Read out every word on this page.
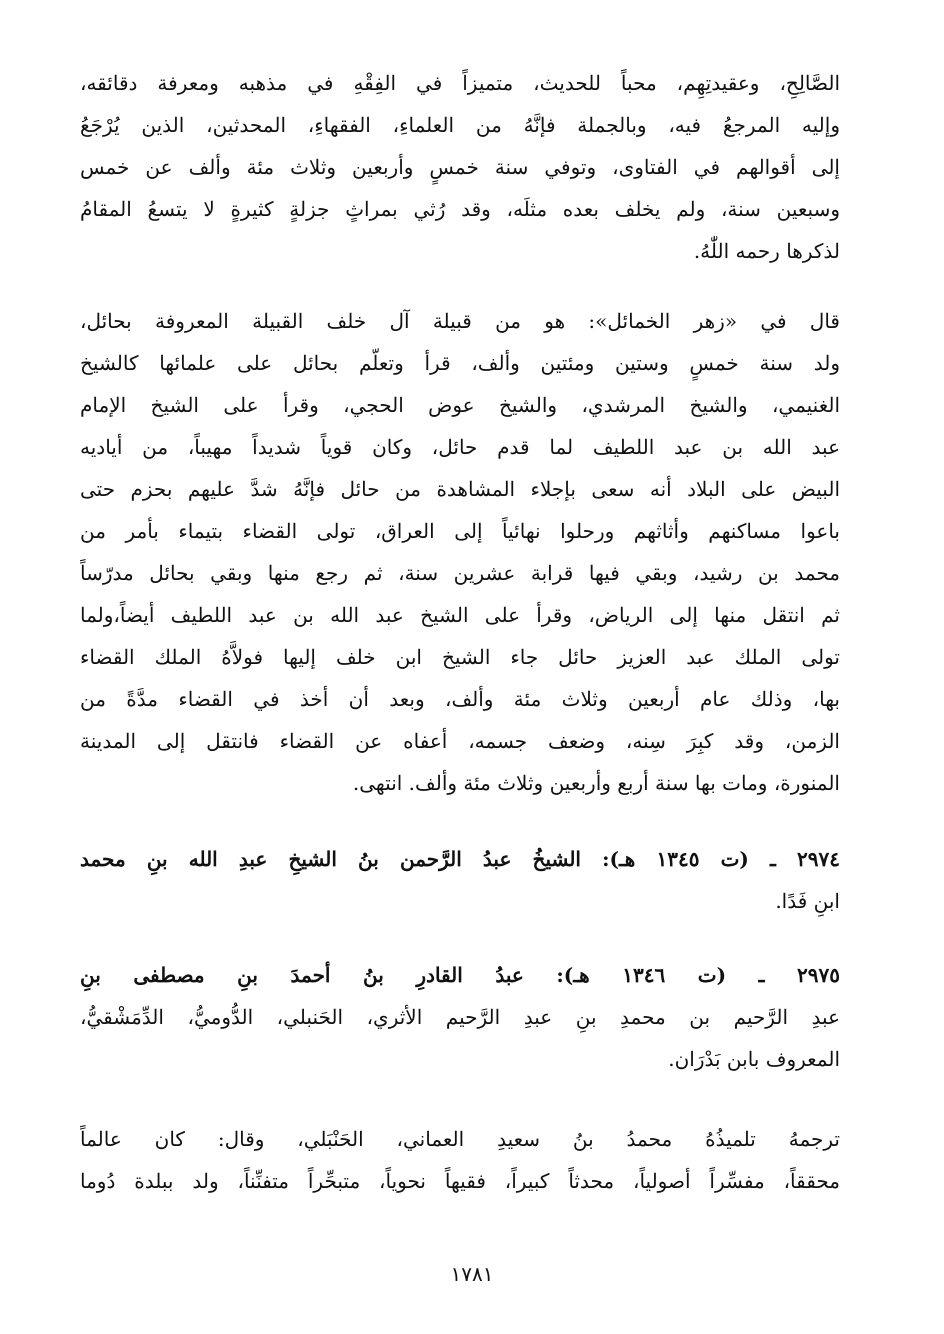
الصَّالِحِ، وعقيدتِهِم، محباً للحديث، متميزاً في الفِقْهِ في مذهبه ومعرفة دقائقه،
وإليه المرجعُ فيه، وبالجملة فإنَّهُ من العلماءِ، الفقهاءِ، المحدثين، الذين يُرْجَعُ
إلى أقوالهم في الفتاوى، وتوفي سنة خمسٍ وأربعين وثلاث مئة وألف عن خمس
وسبعين سنة، ولم يخلف بعده مثلَه، وقد رُثي بمراثٍ جزلةٍ كثيرةٍ لا يتسعُ المقامُ
لذكرها رحمه اللّٰهُ.
قال في «زهر الخمائل»: هو من قبيلة آل خلف القبيلة المعروفة بحائل،
ولد سنة خمسٍ وستين ومئتين وألف، قرأ وتعلّم بحائل على علمائها كالشيخ
الغنيمي، والشيخ المرشدي، والشيخ عوض الحجي، وقرأ على الشيخ الإمام
عبد الله بن عبد اللطيف لما قدم حائل، وكان قوياً شديداً مهيباً، من أياديه
البيض على البلاد أنه سعى بإجلاء المشاهدة من حائل فإنَّهُ شدَّ عليهم بحزم حتى
باعوا مساكنهم وأثاثهم ورحلوا نهائياً إلى العراق، تولى القضاء بتيماء بأمر من
محمد بن رشيد، وبقي فيها قرابة عشرين سنة، ثم رجع منها وبقي بحائل مدرّساً
ثم انتقل منها إلى الرياض، وقرأ على الشيخ عبد الله بن عبد اللطيف أيضاً،ولما
تولى الملك عبد العزيز حائل جاء الشيخ ابن خلف إليها فولاَّهُ الملك القضاء
بها، وذلك عام أربعين وثلاث مئة وألف، وبعد أن أخذ في القضاء مدَّةً من
الزمن، وقد كبِرَ سِنه، وضعف جسمه، أعفاه عن القضاء فانتقل إلى المدينة
المنورة، ومات بها سنة أربع وأربعين وثلاث مئة وألف. انتهى.
٢٩٧٤ ـ (ت ١٣٤٥ هـ): الشيخُ عبدُ الرَّحمن بنُ الشيخِ عبدِ الله بنِ محمد
ابنِ فَدًا.
٢٩٧٥ ـ (ت ١٣٤٦ هـ): عبدُ القادرِ بنُ أحمدَ بنِ مصطفى بنِ
عبدِ الرَّحيم بن محمدِ بنِ عبدِ الرَّحيم الأثري، الحَنبلي، الدُّوميُّ، الدِّمَشْقيُّ،
المعروف بابن بَدْرَان.
ترجمهُ تلميذُهُ محمدُ بنُ سعيدِ العماني، الحَنْبَلي، وقال: كان عالماً
محققاً، مفسِّراً أصولياً، محدثاً كبيراً، فقيهاً نحوياً، متبحِّراً متفنِّناً، ولد ببلدة دُوما
١٧٨١
